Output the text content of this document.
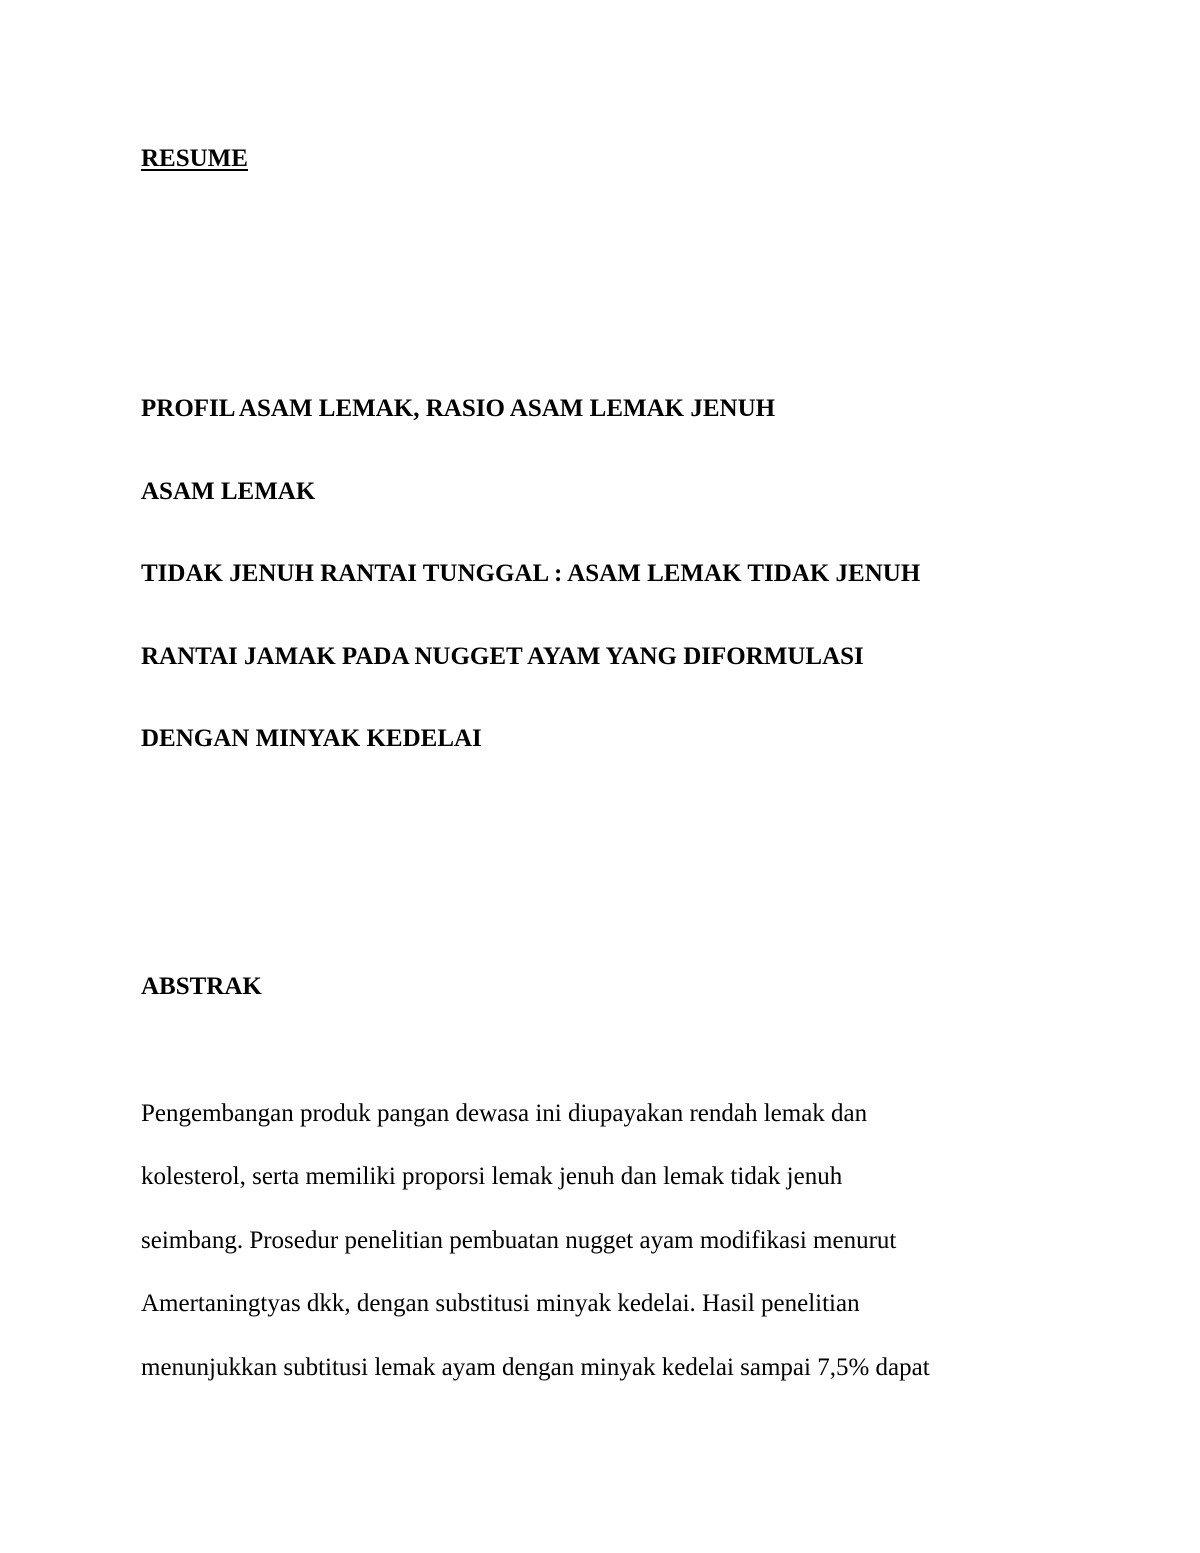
RESUME

PROFIL ASAM LEMAK, RASIO ASAM LEMAK JENUH

ASAM LEMAK

TIDAK JENUH RANTAI TUNGGAL : ASAM LEMAK TIDAK JENUH

RANTAI JAMAK PADA NUGGET AYAM YANG DIFORMULASI

DENGAN MINYAK KEDELAI

ABSTRAK

Pengembangan produk pangan dewasa ini diupayakan rendah lemak dan

kolesterol, serta memiliki proporsi lemak jenuh dan lemak tidak jenuh

seimbang. Prosedur penelitian pembuatan nugget ayam modifikasi menurut

Amertaningtyas dkk, dengan substitusi minyak kedelai. Hasil penelitian

menunjukkan subtitusi lemak ayam dengan minyak kedelai sampai 7,5% dapat
